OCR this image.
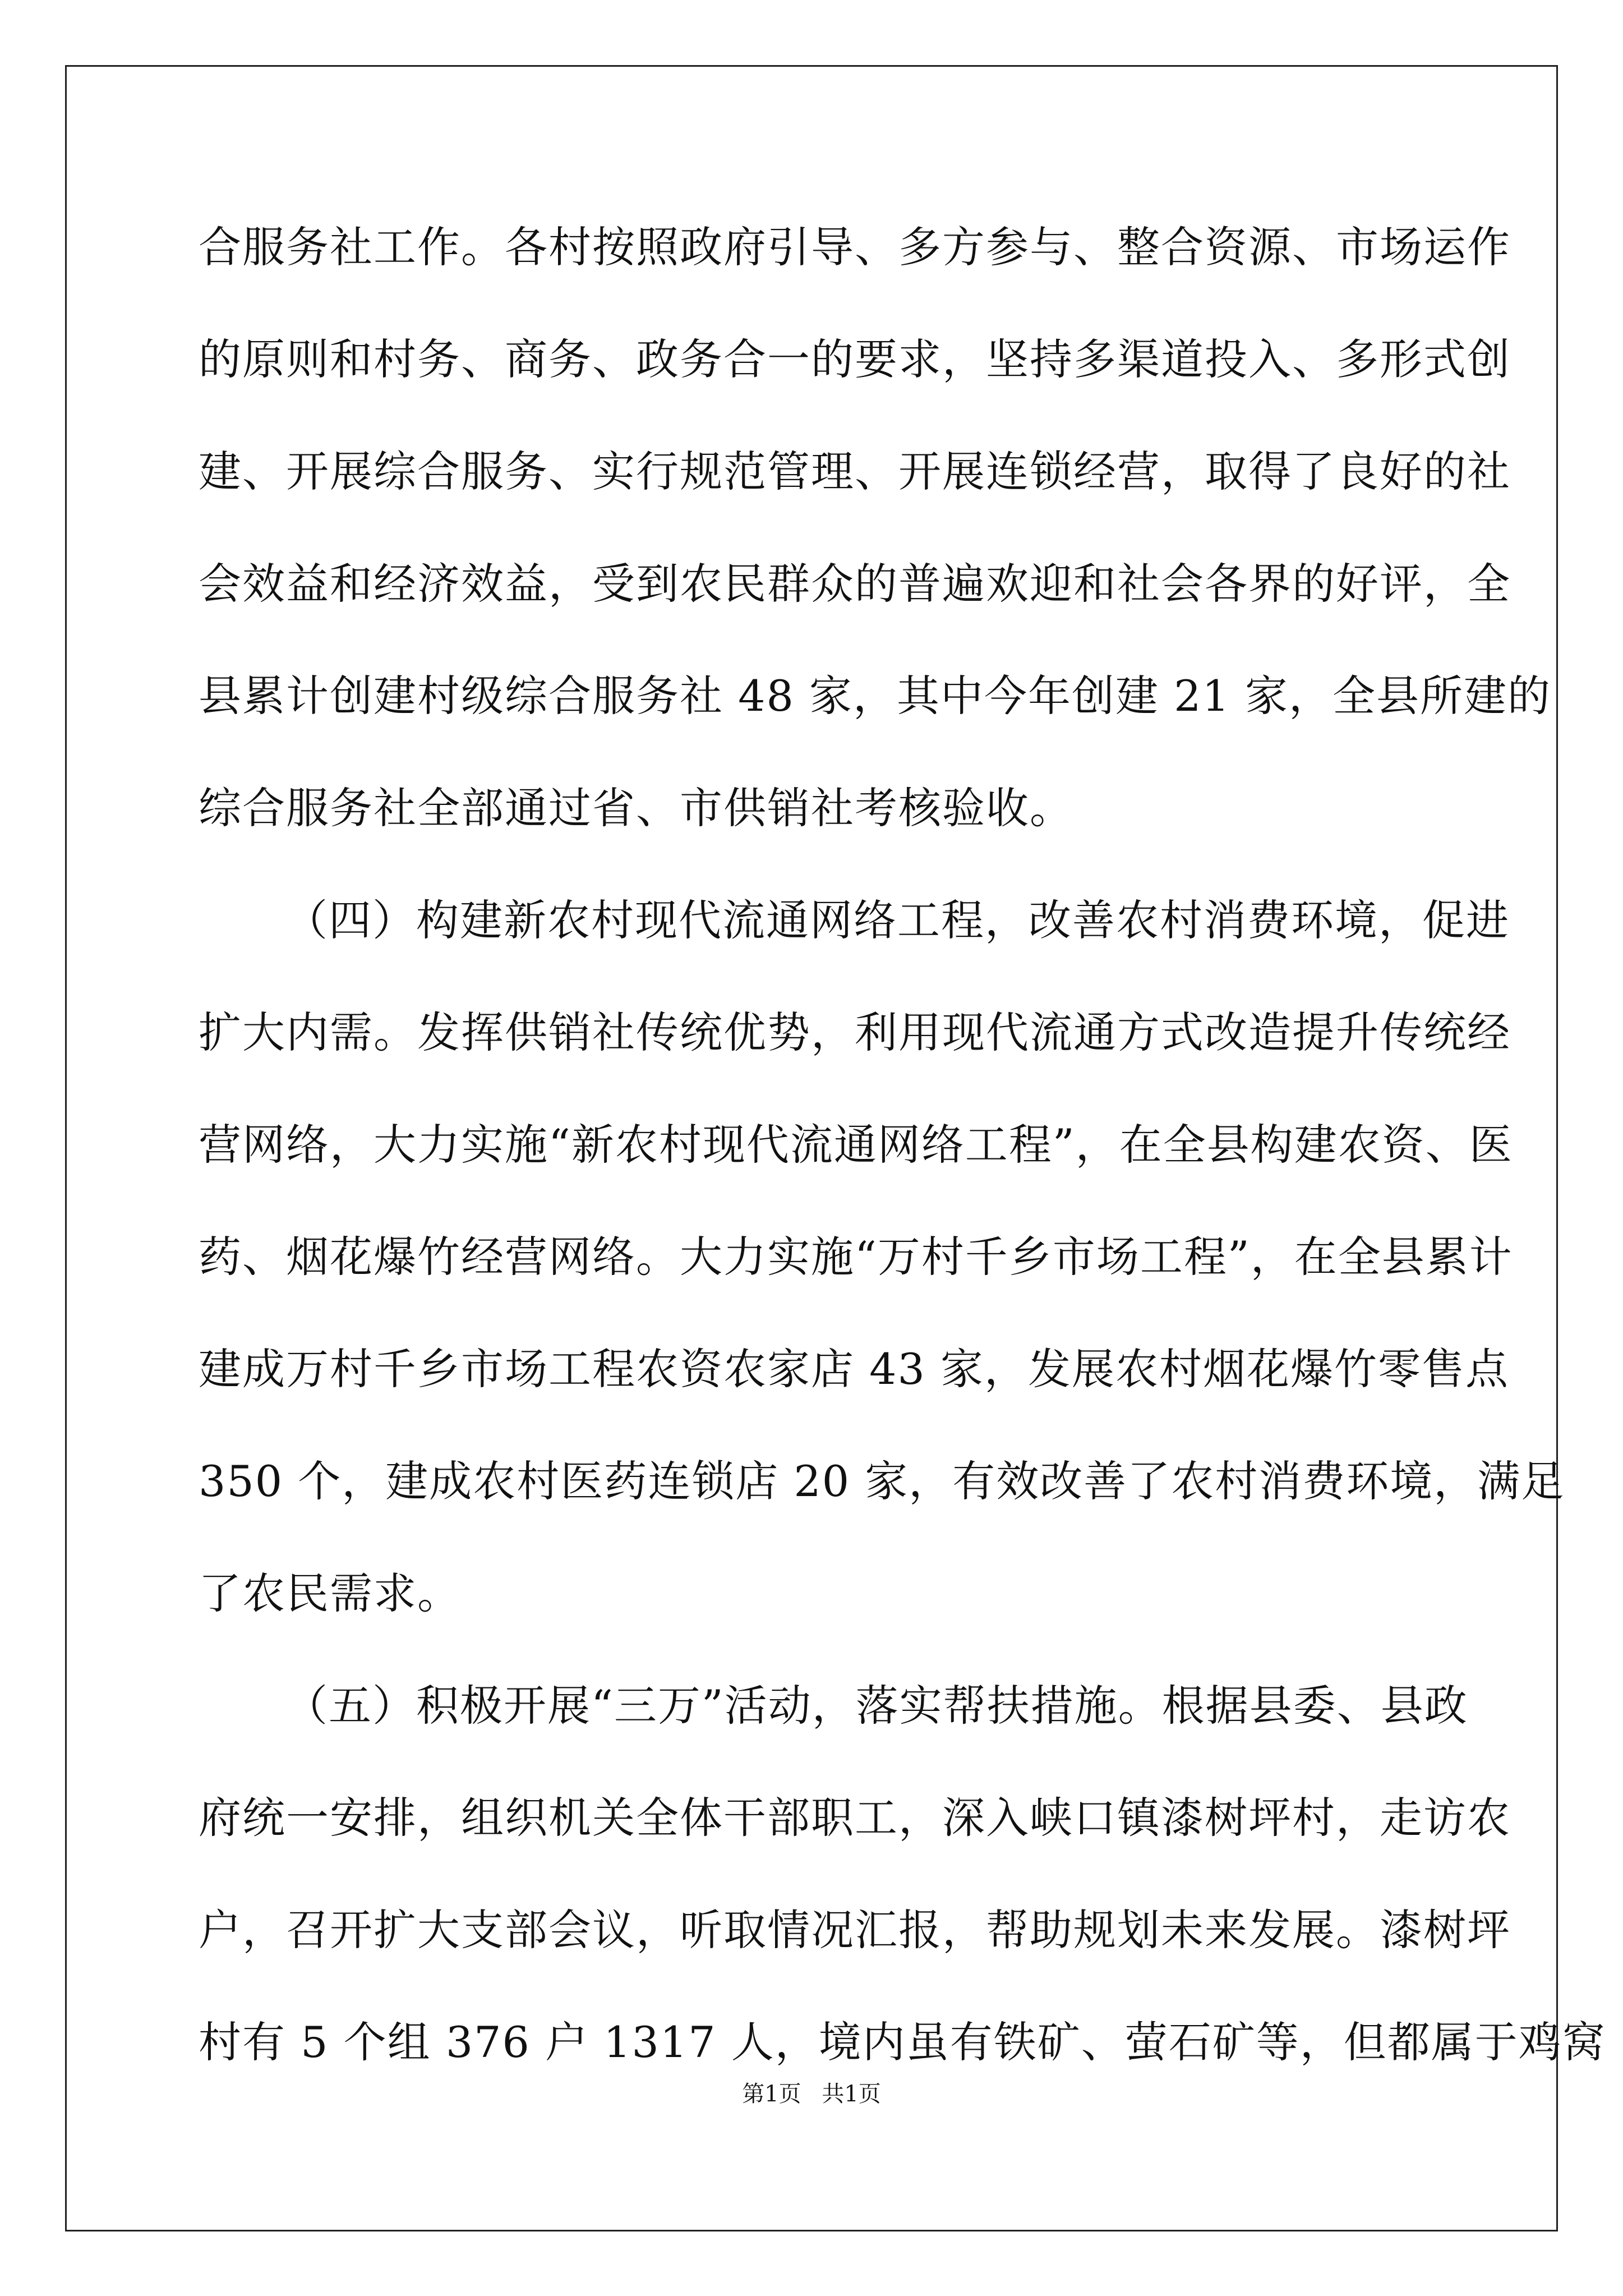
合服务社工作。各村按照政府引导、多方参与、整合资源、市场运作
的原则和村务、商务、政务合一的要求，坚持多渠道投入、多形式创
建、开展综合服务、实行规范管理、开展连锁经营，取得了良好的社
会效益和经济效益，受到农民群众的普遍欢迎和社会各界的好评，全
县累计创建村级综合服务社 48 家，其中今年创建 21 家，全县所建的
综合服务社全部通过省、市供销社考核验收。
（四）构建新农村现代流通网络工程，改善农村消费环境，促进
扩大内需。发挥供销社传统优势，利用现代流通方式改造提升传统经
营网络，大力实施“新农村现代流通网络工程”，在全县构建农资、医
药、烟花爆竹经营网络。大力实施“万村千乡市场工程”，在全县累计
建成万村千乡市场工程农资农家店 43 家，发展农村烟花爆竹零售点
350 个，建成农村医药连锁店 20 家，有效改善了农村消费环境，满足
了农民需求。
（五）积极开展“三万”活动，落实帮扶措施。根据县委、县政
府统一安排，组织机关全体干部职工，深入峡口镇漆树坪村，走访农
户，召开扩大支部会议，听取情况汇报，帮助规划未来发展。漆树坪
村有 5 个组 376 户 1317 人，境内虽有铁矿、萤石矿等，但都属于鸡窝
第1页 共1页
